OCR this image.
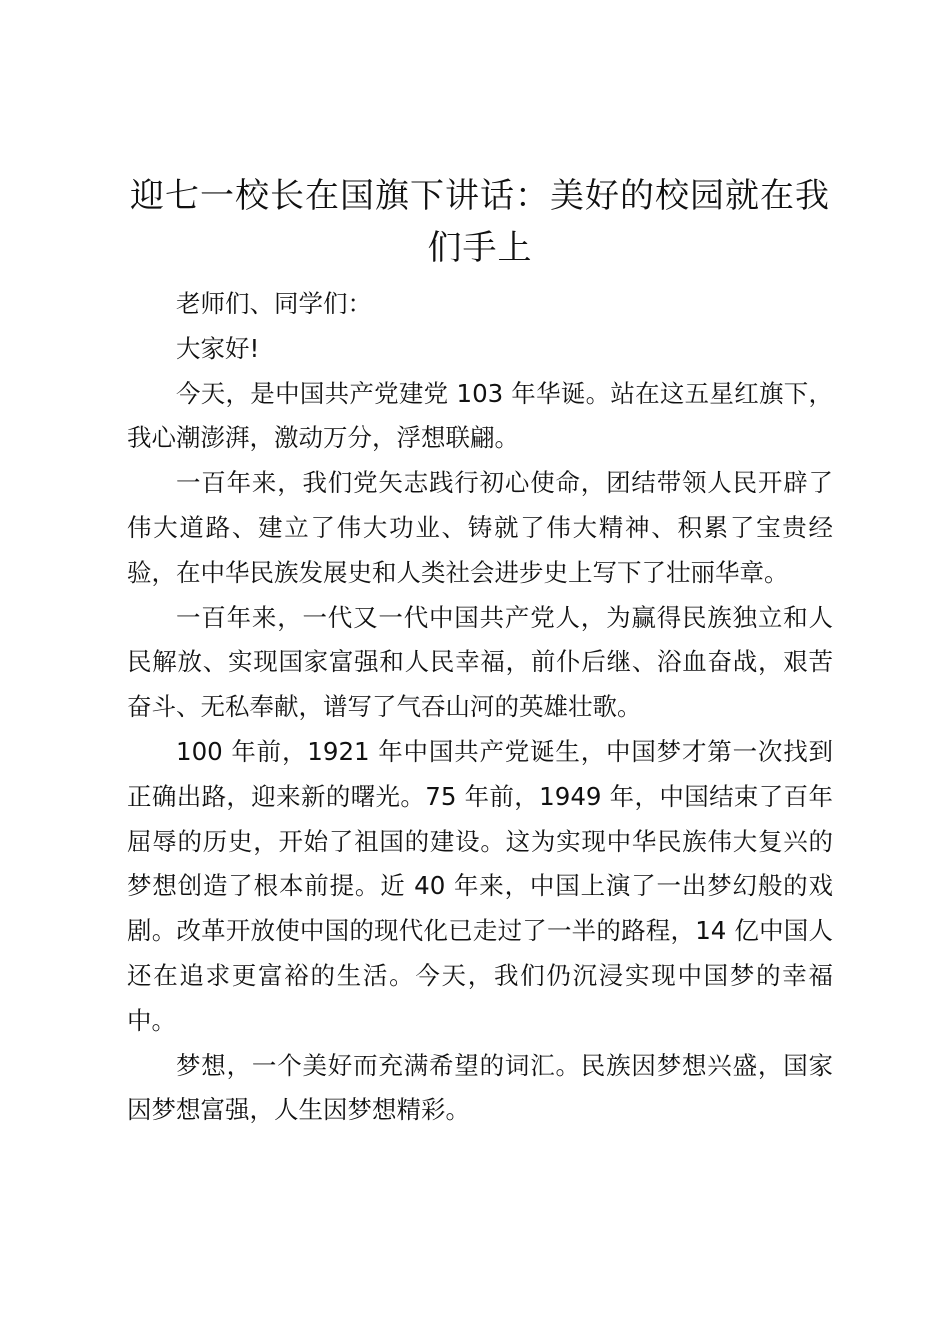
迎七一校长在国旗下讲话：美好的校园就在我们手上

老师们、同学们：

大家好!

今天，是中国共产党建党 103 年华诞。站在这五星红旗下，我心潮澎湃，激动万分，浮想联翩。

一百年来，我们党矢志践行初心使命，团结带领人民开辟了伟大道路、建立了伟大功业、铸就了伟大精神、积累了宝贵经验，在中华民族发展史和人类社会进步史上写下了壮丽华章。

一百年来，一代又一代中国共产党人，为赢得民族独立和人民解放、实现国家富强和人民幸福，前仆后继、浴血奋战，艰苦奋斗、无私奉献，谱写了气吞山河的英雄壮歌。

100 年前，1921 年中国共产党诞生，中国梦才第一次找到正确出路，迎来新的曙光。75 年前，1949 年，中国结束了百年屈辱的历史，开始了祖国的建设。这为实现中华民族伟大复兴的梦想创造了根本前提。近 40 年来，中国上演了一出梦幻般的戏剧。改革开放使中国的现代化已走过了一半的路程，14 亿中国人还在追求更富裕的生活。今天，我们仍沉浸实现中国梦的幸福中。

梦想，一个美好而充满希望的词汇。民族因梦想兴盛，国家因梦想富强，人生因梦想精彩。
